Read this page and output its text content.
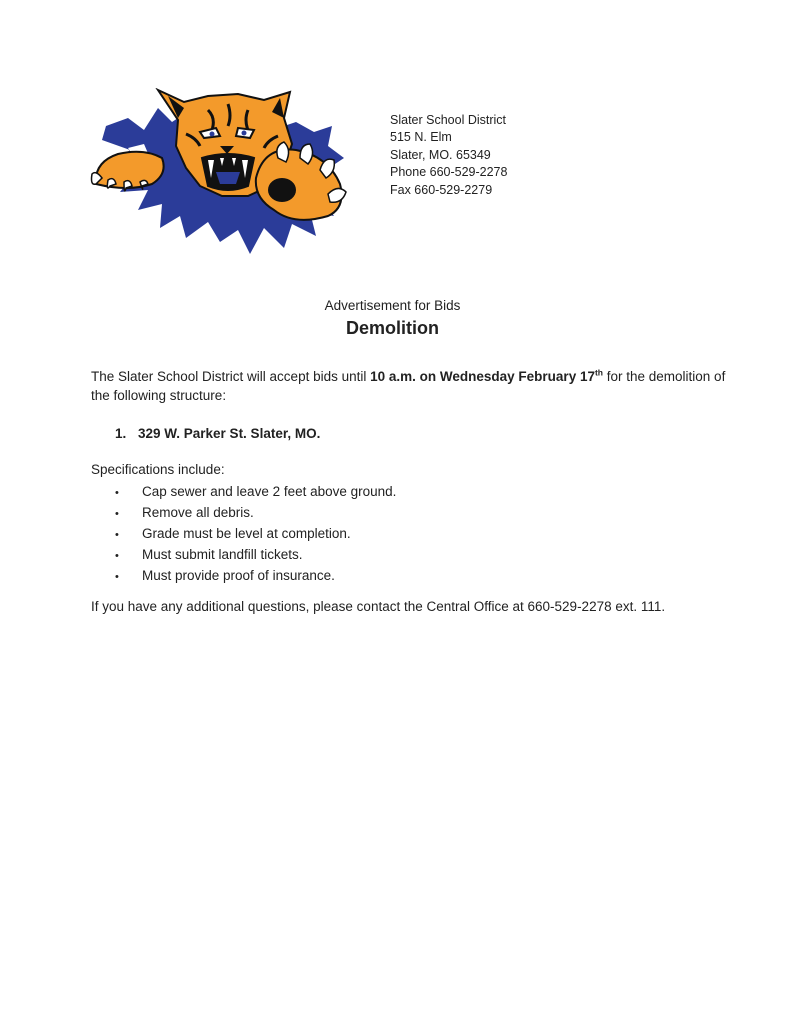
Slater School District
515 N. Elm
Slater, MO. 65349
Phone 660-529-2278
Fax 660-529-2279
Advertisement for Bids
Demolition
The Slater School District will accept bids until 10 a.m. on Wednesday February 17th for the demolition of the following structure:
1. 329 W. Parker St. Slater, MO.
Specifications include:
• Cap sewer and leave 2 feet above ground.
• Remove all debris.
• Grade must be level at completion.
• Must submit landfill tickets.
• Must provide proof of insurance.
If you have any additional questions, please contact the Central Office at 660-529-2278 ext. 111.
